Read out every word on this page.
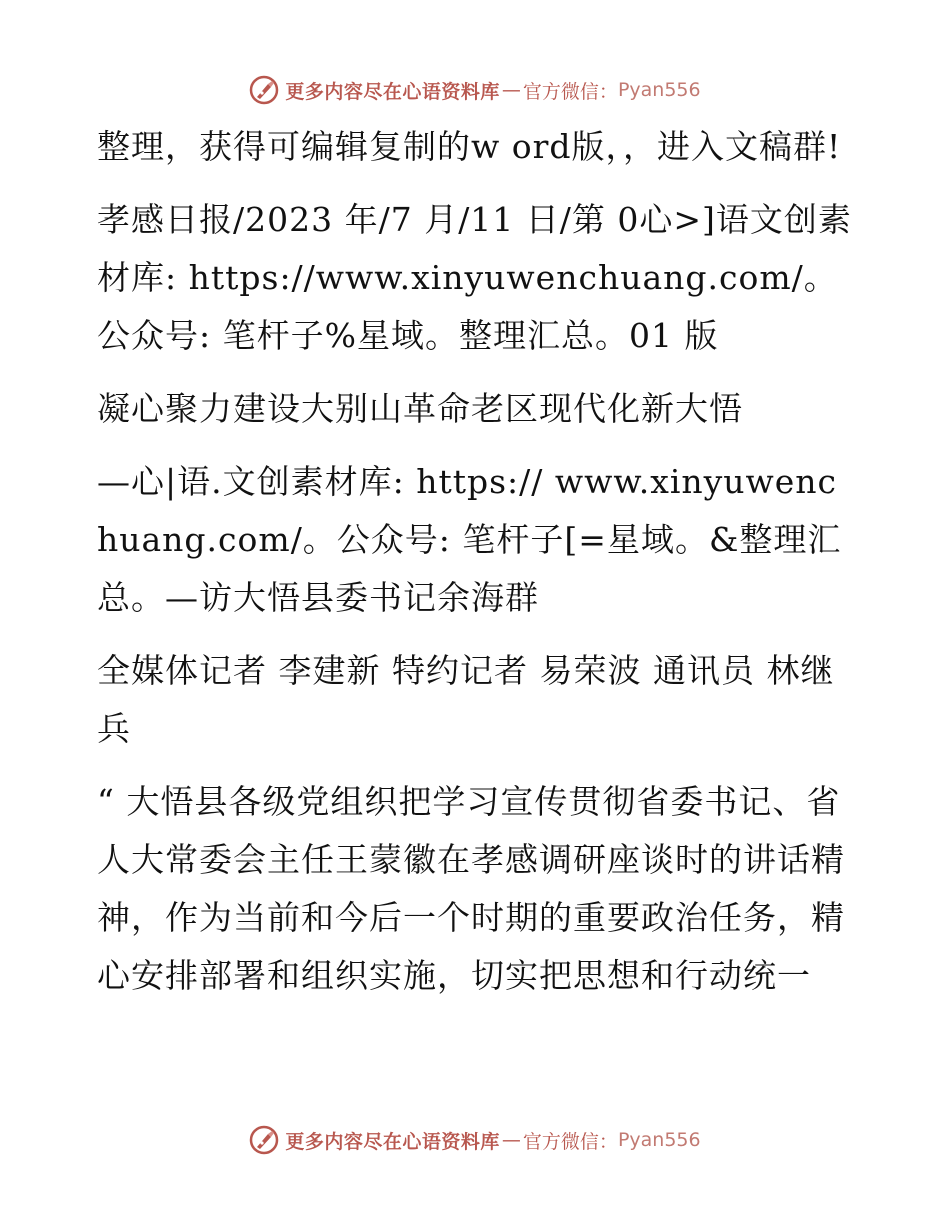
更多内容尽在心语资料库 — 官方微信： Pyan556

整理，获得可编辑复制的w ord版，，进入文稿群!

孝感日报/2023 年/7 月/11 日/第 0心>]语文创素材库: https://www.xinyuwenchuang.com/。公众号: 笔杆子%星域。整理汇总。01 版

凝心聚力建设大别山革命老区现代化新大悟

—心|语.文创素材库: https:// www.xinyuwenchuang.com/。公众号: 笔杆子[=星域。&整理汇总。—访大悟县委书记余海群

全媒体记者 李建新 特约记者 易荣波 通讯员 林继兵

“ 大悟县各级党组织把学习宣传贯彻省委书记、省人大常委会主任王蒙徽在孝感调研座谈时的讲话精神，作为当前和今后一个时期的重要政治任务，精心安排部署和组织实施，切实把思想和行动统一

更多内容尽在心语资料库 — 官方微信： Pyan556
